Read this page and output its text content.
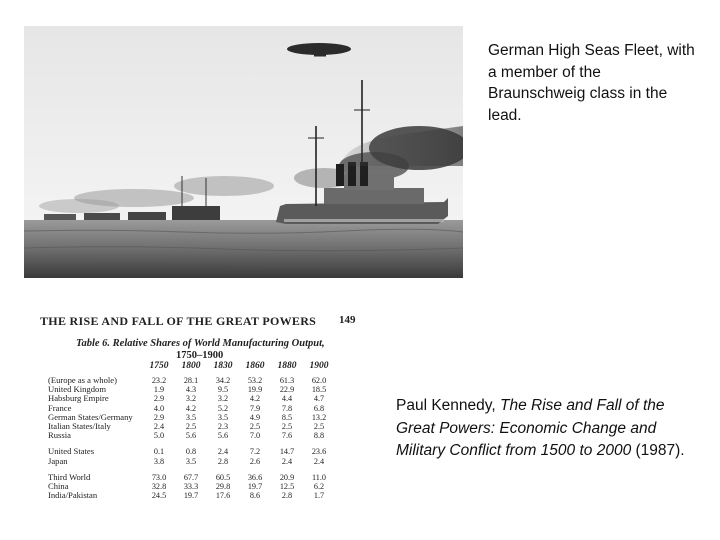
German High Seas Fleet, with a member of the Braunschweig class in the lead.
THE RISE AND FALL OF THE GREAT POWERS 149
Table 6. Relative Shares of World Manufacturing Output,
1750–1900
1750	1800	1830	1860	1880	1900
(Europe as a whole)	23.2	28.1	34.2	53.2	61.3	62.0
United Kingdom	1.9	4.3	9.5	19.9	22.9	18.5
Habsburg Empire	2.9	3.2	3.2	4.2	4.4	4.7
France	4.0	4.2	5.2	7.9	7.8	6.8
German States/Germany	2.9	3.5	3.5	4.9	8.5	13.2
Italian States/Italy	2.4	2.5	2.3	2.5	2.5	2.5
Russia	5.0	5.6	5.6	7.0	7.6	8.8
United States	0.1	0.8	2.4	7.2	14.7	23.6
Japan	3.8	3.5	2.8	2.6	2.4	2.4
Third World	73.0	67.7	60.5	36.6	20.9	11.0
China	32.8	33.3	29.8	19.7	12.5	6.2
India/Pakistan	24.5	19.7	17.6	8.6	2.8	1.7
Paul Kennedy, The Rise and Fall of the Great Powers: Economic Change and Military Conflict from 1500 to 2000 (1987).
